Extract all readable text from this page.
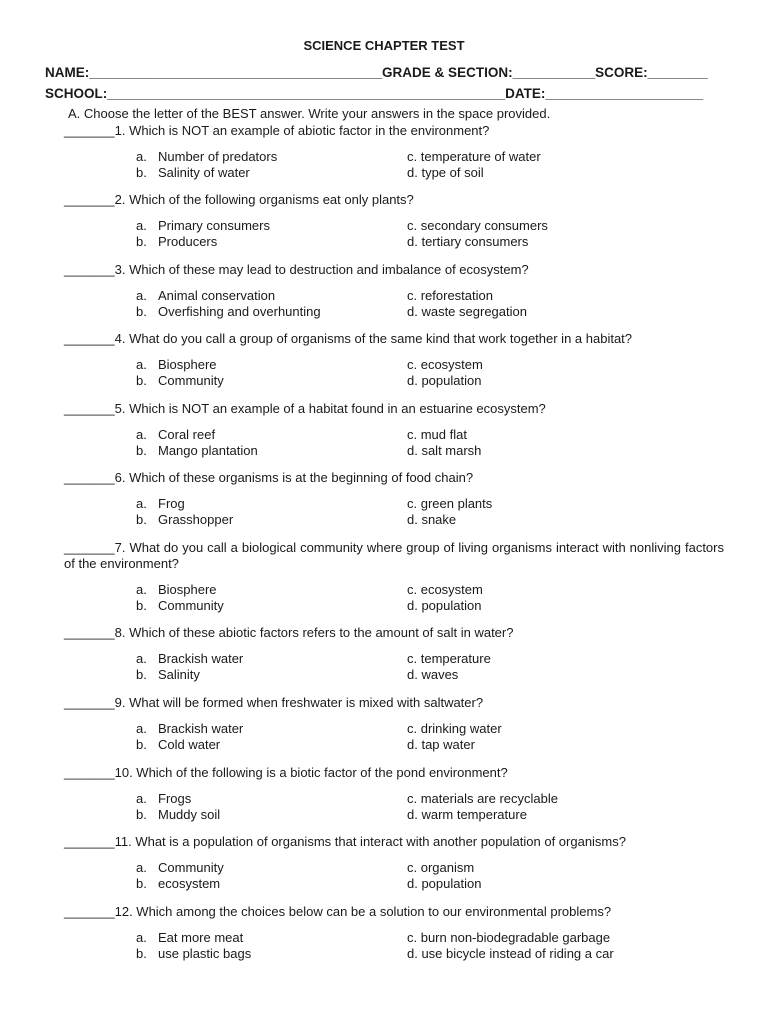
SCIENCE CHAPTER TEST
NAME:_______________________________________GRADE & SECTION:___________SCORE:________
SCHOOL:_____________________________________________________DATE:_____________________
A. Choose the letter of the BEST answer. Write your answers in the space provided.
_______1. Which is NOT an example of abiotic factor in the environment?
a. Number of predators
b. Salinity of water
c. temperature of water
d. type of soil
_______2. Which of the following organisms eat only plants?
a. Primary consumers
b. Producers
c. secondary consumers
d. tertiary consumers
_______3. Which of these may lead to destruction and imbalance of ecosystem?
a. Animal conservation
b. Overfishing and overhunting
c. reforestation
d. waste segregation
_______4. What do you call a group of organisms of the same kind that work together in a habitat?
a. Biosphere
b. Community
c. ecosystem
d. population
_______5. Which is NOT an example of a habitat found in an estuarine ecosystem?
a. Coral reef
b. Mango plantation
c. mud flat
d. salt marsh
_______6. Which of these organisms is at the beginning of food chain?
a. Frog
b. Grasshopper
c. green plants
d. snake
_______7. What do you call a biological community where group of living organisms interact with nonliving factors of the environment?
a. Biosphere
b. Community
c. ecosystem
d. population
_______8. Which of these abiotic factors refers to the amount of salt in water?
a. Brackish water
b. Salinity
c. temperature
d. waves
_______9. What will be formed when freshwater is mixed with saltwater?
a. Brackish water
b. Cold water
c. drinking water
d. tap water
_______10. Which of the following is a biotic factor of the pond environment?
a. Frogs
b. Muddy soil
c. materials are recyclable
d. warm temperature
_______11. What is a population of organisms that interact with another population of organisms?
a. Community
b. ecosystem
c. organism
d. population
_______12. Which among the choices below can be a solution to our environmental problems?
a. Eat more meat
b. use plastic bags
c. burn non-biodegradable garbage
d. use bicycle instead of riding a car
